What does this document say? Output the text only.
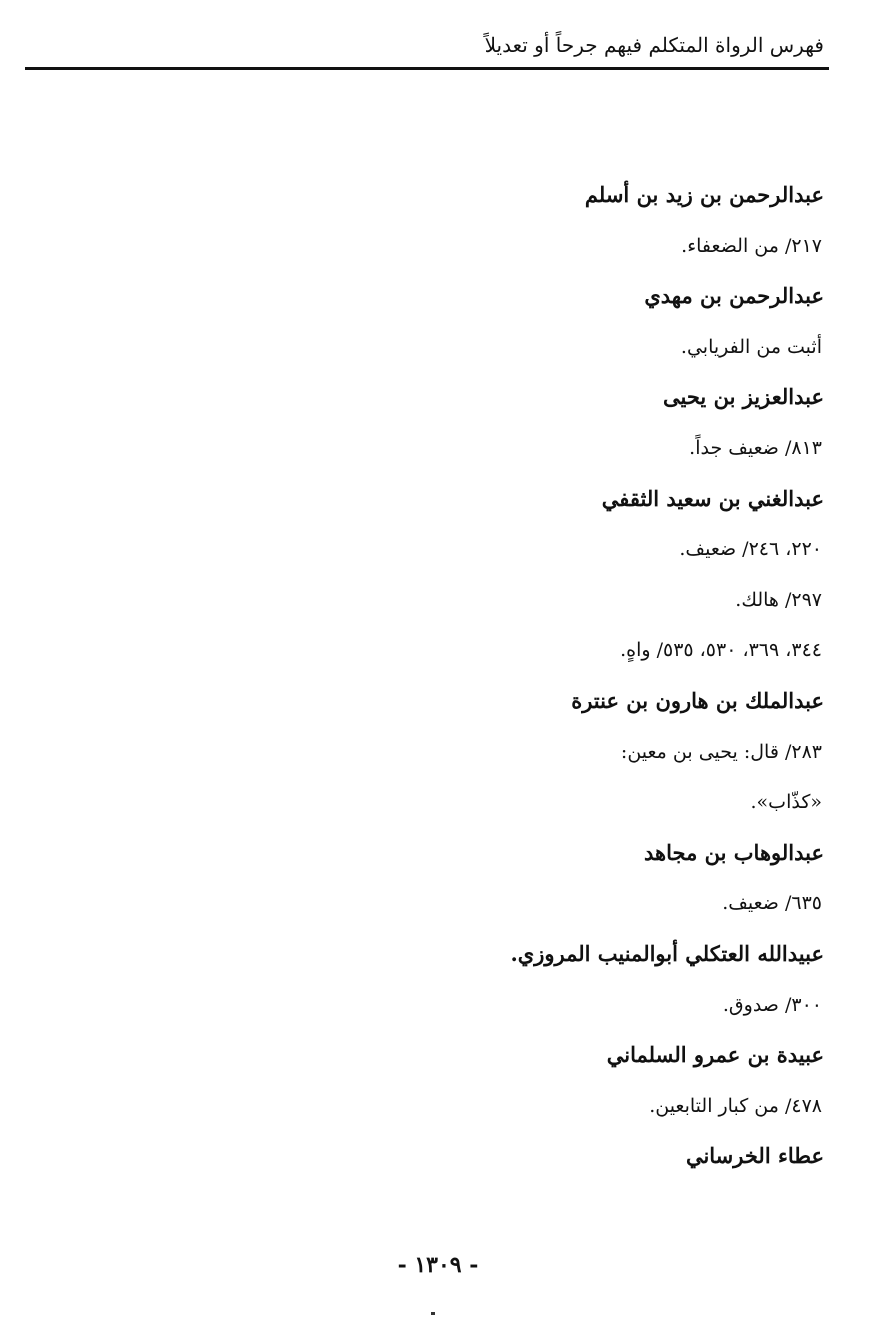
فهرس الرواة المتكلم فيهم جرحاً أو تعديلاً
عبدالرحمن بن زيد بن أسلم
٢١٧/ من الضعفاء.
عبدالرحمن بن مهدي
أثبت من الفريابي.
عبدالعزيز بن يحيى
٨١٣/ ضعيف جداً.
عبدالغني بن سعيد الثقفي
٢٢٠، ٢٤٦/ ضعيف.
٢٩٧/ هالك.
٣٤٤، ٣٦٩، ٥٣٠، ٥٣٥/ واهٍ.
عبدالملك بن هارون بن عنترة
٢٨٣/ قال: يحيى بن معين:
«كذّاب».
عبدالوهاب بن مجاهد
٦٣٥/ ضعيف.
عبيدالله العتكلي أبوالمنيب المروزي.
٣٠٠/ صدوق.
عبيدة بن عمرو السلماني
٤٧٨/ من كبار التابعين.
عطاء الخرساني
- ١٣٠٩ -
